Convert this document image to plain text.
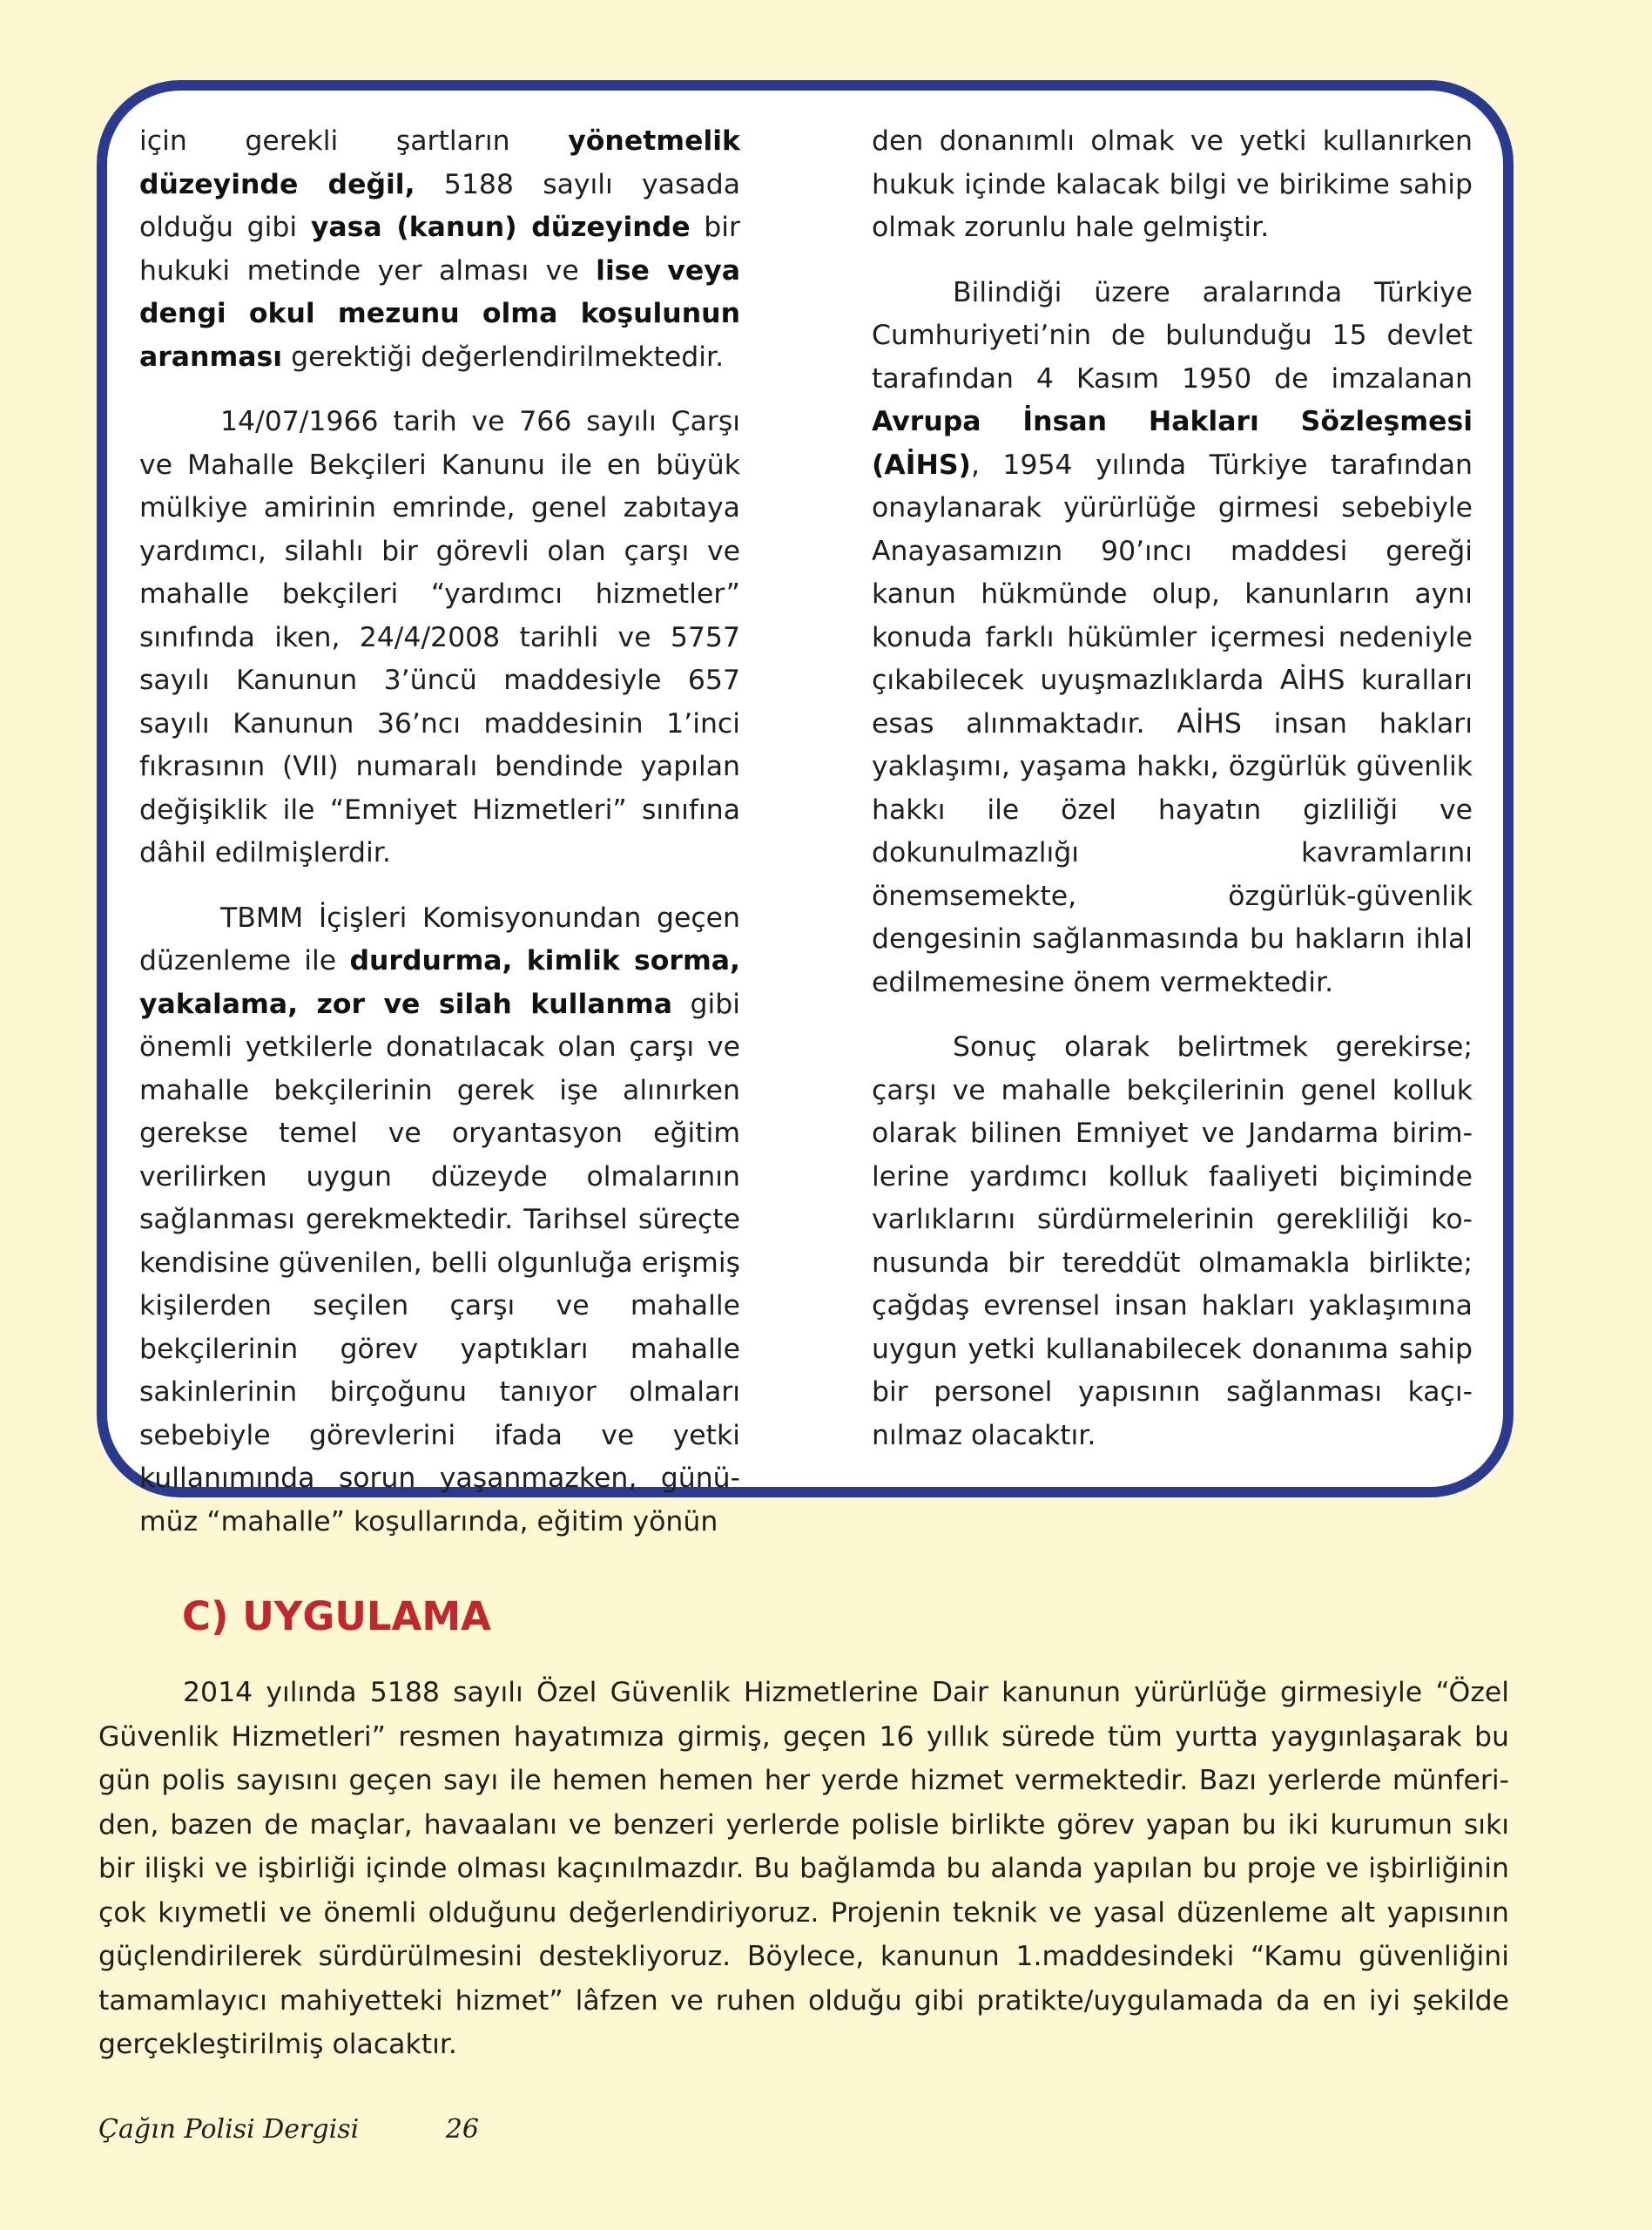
için gerekli şartların yönetmelik düzeyinde değil, 5188 sayılı yasada olduğu gibi yasa (kanun) düzeyinde bir hukuki metinde yer alması ve lise veya dengi okul mezunu olma koşulunun aranması gerektiği değerlendirilmektedir.

14/07/1966 tarih ve 766 sayılı Çarşı ve Mahalle Bekçileri Kanunu ile en büyük mülkiye amirinin emrinde, genel zabıtaya yardımcı, silahlı bir görevli olan çarşı ve mahalle bekçileri “yardımcı hizmetler” sınıfında iken, 24/4/2008 tarihli ve 5757 sayılı Kanunun 3’üncü maddesiyle 657 sayılı Kanunun 36’ncı maddesinin 1’inci fıkrasının (VII) numaralı bendinde yapılan değişiklik ile “Emniyet Hizmetleri” sınıfına dâhil edilmişlerdir.

TBMM İçişleri Komisyonundan geçen düzenleme ile durdurma, kimlik sorma, yakalama, zor ve silah kullanma gibi önemli yetkilerle donatılacak olan çarşı ve mahalle bekçilerinin gerek işe alınırken gerekse temel ve oryantasyon eğitim verilirken uygun düzeyde olmalarının sağlanması gerekmektedir. Tarihsel süreçte kendisine güvenilen, belli olgunluğa erişmiş kişilerden seçilen çarşı ve mahalle bekçilerinin görev yaptıkları mahalle sakinlerinin birçoğunu tanıyor olmaları sebebiyle görevlerini ifada ve yetki kullanımında sorun yaşanmazken, günümüz “mahalle” koşullarında, eğitim yönün

den donanımlı olmak ve yetki kullanırken hukuk içinde kalacak bilgi ve birikime sahip olmak zorunlu hale gelmiştir.

Bilindiği üzere aralarında Türkiye Cumhuriyeti’nin de bulunduğu 15 devlet tarafından 4 Kasım 1950 de imzalanan Avrupa İnsan Hakları Sözleşmesi (AİHS), 1954 yılında Türkiye tarafından onaylanarak yürürlüğe girmesi sebebiyle Anayasamızın 90’ıncı maddesi gereği kanun hükmünde olup, kanunların aynı konuda farklı hükümler içermesi nedeniyle çıkabilecek uyuşmazlıklarda AİHS kuralları esas alınmaktadır. AİHS insan hakları yaklaşımı, yaşama hakkı, özgürlük güvenlik hakkı ile özel hayatın gizliliği ve dokunulmazlığı kavramlarını önemsemekte, özgürlük-güvenlik dengesinin sağlanmasında bu hakların ihlal edilmemesine önem vermektedir.

Sonuç olarak belirtmek gerekirse; çarşı ve mahalle bekçilerinin genel kolluk olarak bilinen Emniyet ve Jandarma birimlerine yardımcı kolluk faaliyeti biçiminde varlıklarını sürdürmelerinin gerekliliği konusunda bir tereddüt olmamakla birlikte; çağdaş evrensel insan hakları yaklaşımına uygun yetki kullanabilecek donanıma sahip bir personel yapısının sağlanması kaçınılmaz olacaktır.

C) UYGULAMA

2014 yılında 5188 sayılı Özel Güvenlik Hizmetlerine Dair kanunun yürürlüğe girmesiyle “Özel Güvenlik Hizmetleri” resmen hayatımıza girmiş, geçen 16 yıllık sürede tüm yurtta yaygınlaşarak bu gün polis sayısını geçen sayı ile hemen hemen her yerde hizmet vermektedir. Bazı yerlerde münferiden, bazen de maçlar, havaalanı ve benzeri yerlerde polisle birlikte görev yapan bu iki kurumun sıkı bir ilişki ve işbirliği içinde olması kaçınılmazdır. Bu bağlamda bu alanda yapılan bu proje ve işbirliğinin çok kıymetli ve önemli olduğunu değerlendiriyoruz. Projenin teknik ve yasal düzenleme alt yapısının güçlendirilerek sürdürülmesini destekliyoruz. Böylece, kanunun 1.maddesindeki “Kamu güvenliğini tamamlayıcı mahiyetteki hizmet” lâfzen ve ruhen olduğu gibi pratikte/uygulamada da en iyi şekilde gerçekleştirilmiş olacaktır.

Çağın Polisi Dergisi	26
